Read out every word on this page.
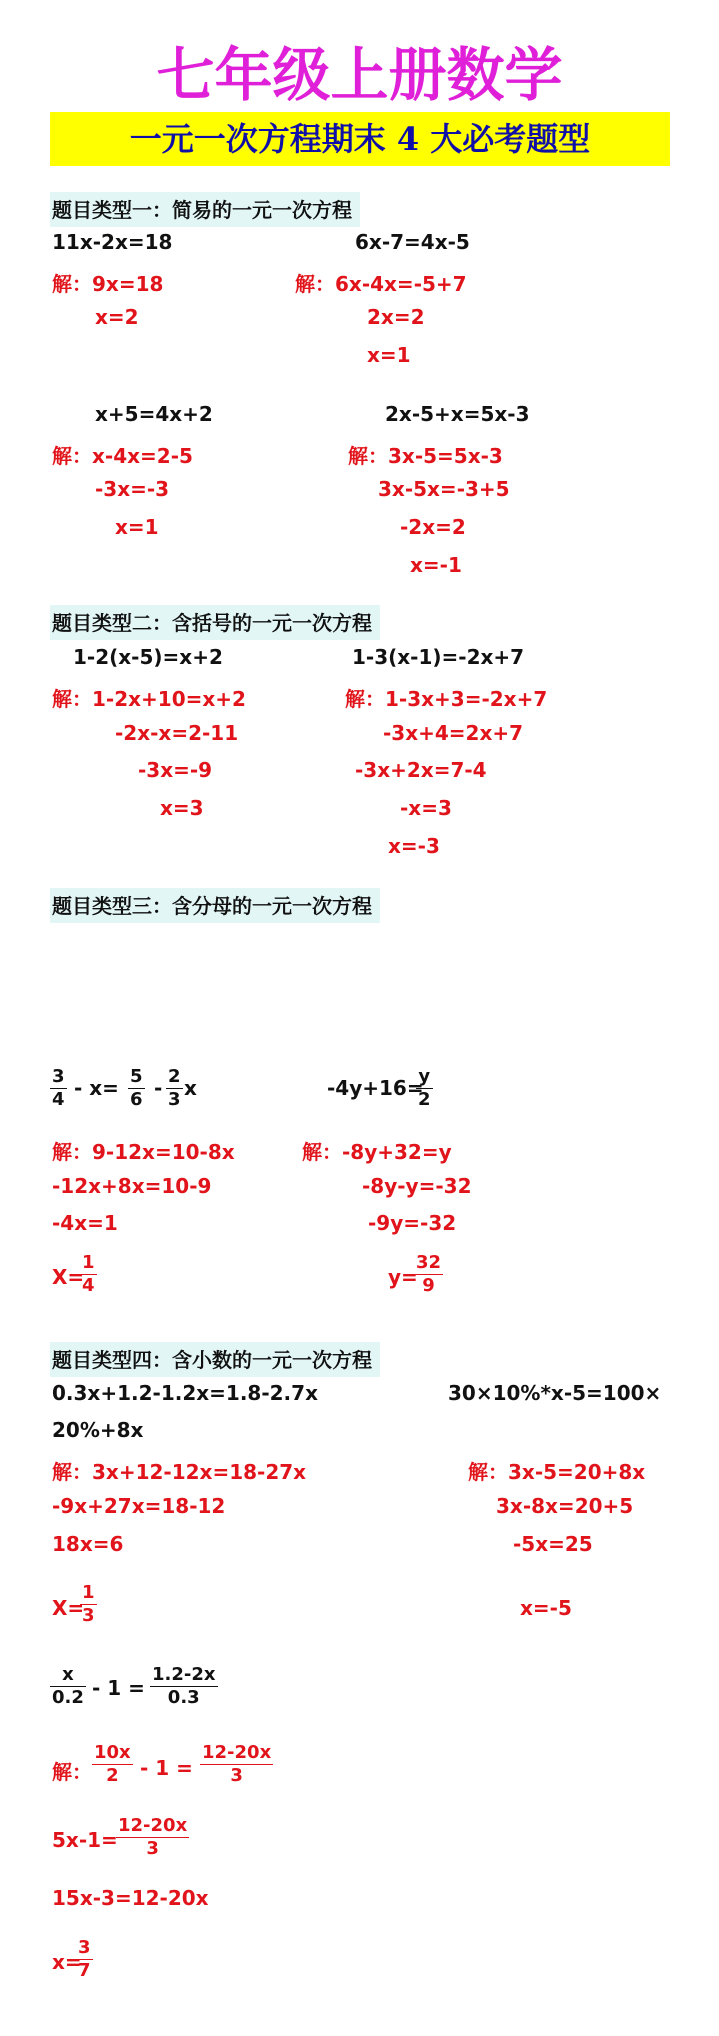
七年级上册数学
一元一次方程期末 4 大必考题型
题目类型一：简易的一元一次方程
11x-2x=18
解：9x=18
x=2
6x-7=4x-5
解：6x-4x=-5+7
2x=2
x=1
x+5=4x+2
解：x-4x=2-5
-3x=-3
x=1
2x-5+x=5x-3
解：3x-5=5x-3
3x-5x=-3+5
-2x=2
x=-1
题目类型二：含括号的一元一次方程
1-2(x-5)=x+2
解：1-2x+10=x+2
-2x-x=2-11
-3x=-9
x=3
1-3(x-1)=-2x+7
解：1-3x+3=-2x+7
-3x+4=2x+7
-3x+2x=7-4
-x=3
x=-3
题目类型三：含分母的一元一次方程
$\frac{3}{4} - x= \frac{5}{6} - \frac{2}{3}$ x
解：9-12x=10-8x
-12x+8x=10-9
-4x=1
X=
$\frac{1}{4}$
-4y+16=
$\frac{y}{2}$
解：-8y+32=y
-8y-y=-32
-9y=-32
y=
$\frac{32}{9}$
题目类型四：含小数的一元一次方程
0.3x+1.2-1.2x=1.8-2.7x	30×10%*x-5=100×
20%+8x
解：3x+12-12x=18-27x
-9x+27x=18-12
18x=6
X=
$\frac{1}{3}$
解：3x-5=20+8x
3x-8x=20+5
-5x=25
x=-5
$\frac{x}{0.2} - 1 = \frac{1.2-2x}{0.3}$
解： $\frac{10x}{2} - 1 = \frac{12-20x}{3}$
5x-1=
$\frac{12-20x}{3}$
15x-3=12-20x
x=
$\frac{3}{7}$
